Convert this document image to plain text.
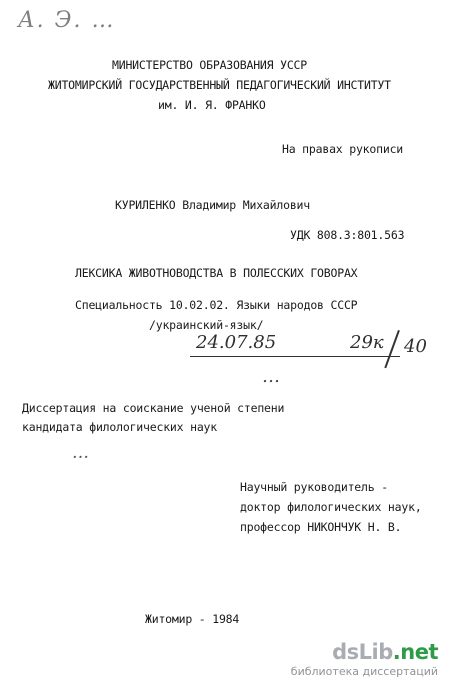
А. Э. …
МИНИСТЕРСТВО ОБРАЗОВАНИЯ УССР
ЖИТОМИРСКИЙ ГОСУДАРСТВЕННЫЙ ПЕДАГОГИЧЕСКИЙ ИНСТИТУТ
им. И. Я. ФРАНКО
На правах рукописи
КУРИЛЕНКО Владимир Михайлович
УДК 808.3:801.563
ЛЕКСИКА ЖИВОТНОВОДСТВА В ПОЛЕССКИХ ГОВОРАХ
Специальность 10.02.02. Языки народов СССР
/украинский-язык/
24.07.85	29к 40
…
Диссертация на соискание ученой степени
кандидата филологических наук
…
Научный руководитель -
доктор филологических наук,
профессор НИКОНЧУК Н. В.
Житомир - 1984
dsLib.net
библиотека диссертаций
